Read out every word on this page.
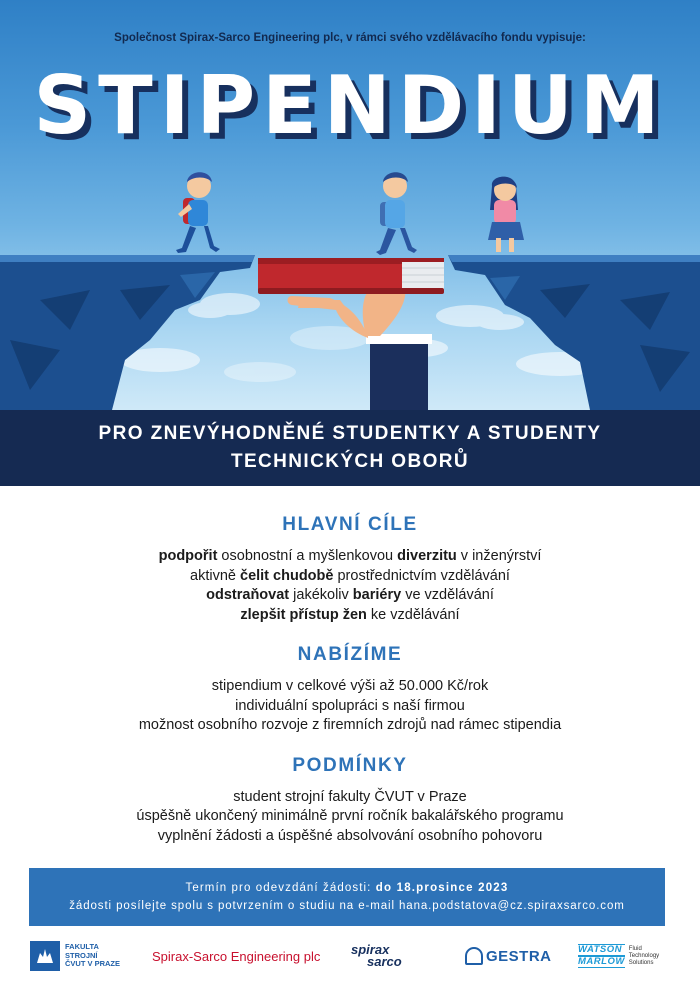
Společnost Spirax-Sarco Engineering plc, v rámci svého vzdělávacího fondu vypisuje:

STIPENDIUM
PRO ZNEVÝHODNĚNÉ STUDENTKY A STUDENTY
TECHNICKÝCH OBORŮ
HLAVNÍ CÍLE
podpořit osobnostní a myšlenkovou diverzitu v inženýrství
aktivně čelit chudobě prostřednictvím vzdělávání
odstraňovat jakékoliv bariéry ve vzdělávání
zlepšit přístup žen ke vzdělávání
NABÍZÍME
stipendium v celkové výši až 50.000 Kč/rok
individuální spolupráci s naší firmou
možnost osobního rozvoje z firemních zdrojů nad rámec stipendia
PODMÍNKY
student strojní fakulty ČVUT v Praze
úspěšně ukončený minimálně první ročník bakalářského programu
vyplnění žádosti a úspěšné absolvování osobního pohovoru
Termín pro odevzdání žádosti: do 18.prosince 2023
žádosti posílejte spolu s potvrzením o studiu na e-mail hana.podstatova@cz.spiraxsarco.com
FAKULTA
STROJNÍ
ČVUT V PRAZE
Spirax-Sarco Engineering plc spirax
sarco	GESTRA	WATSON
MARLOW
Fluid
Technology
Solutions
